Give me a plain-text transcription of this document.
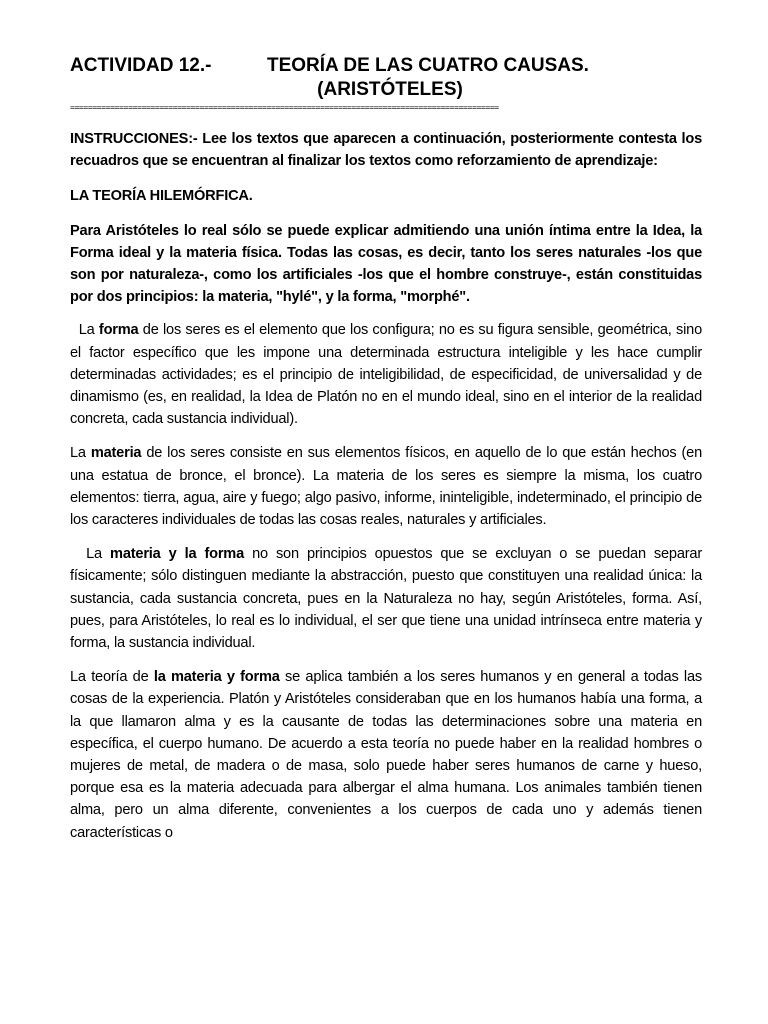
ACTIVIDAD 12.-	TEORÍA DE LAS CUATRO CAUSAS.
(ARISTÓTELES)
================================================================================================

INSTRUCCIONES:- Lee los textos que aparecen a continuación, posteriormente contesta los recuadros que se encuentran al finalizar los textos como reforzamiento de aprendizaje:

LA TEORÍA HILEMÓRFICA.

Para Aristóteles lo real sólo se puede explicar admitiendo una unión íntima entre la Idea, la Forma ideal y la materia física. Todas las cosas, es decir, tanto los seres naturales -los que son por naturaleza-, como los artificiales -los que el hombre construye-, están constituidas por dos principios: la materia, "hylé", y la forma, "morphé".

La forma de los seres es el elemento que los configura; no es su figura sensible, geométrica, sino el factor específico que les impone una determinada estructura inteligible y les hace cumplir determinadas actividades; es el principio de inteligibilidad, de especificidad, de universalidad y de dinamismo (es, en realidad, la Idea de Platón no en el mundo ideal, sino en el interior de la realidad concreta, cada sustancia individual).

La materia de los seres consiste en sus elementos físicos, en aquello de lo que están hechos (en una estatua de bronce, el bronce). La materia de los seres es siempre la misma, los cuatro elementos: tierra, agua, aire y fuego; algo pasivo, informe, ininteligible, indeterminado, el principio de los caracteres individuales de todas las cosas reales, naturales y artificiales.

La materia y la forma no son principios opuestos que se excluyan o se puedan separar físicamente; sólo distinguen mediante la abstracción, puesto que constituyen una realidad única: la sustancia, cada sustancia concreta, pues en la Naturaleza no hay, según Aristóteles, forma. Así, pues, para Aristóteles, lo real es lo individual, el ser que tiene una unidad intrínseca entre materia y forma, la sustancia individual.

La teoría de la materia y forma se aplica también a los seres humanos y en general a todas las cosas de la experiencia. Platón y Aristóteles consideraban que en los humanos había una forma, a la que llamaron alma y es la causante de todas las determinaciones sobre una materia en específica, el cuerpo humano. De acuerdo a esta teoría no puede haber en la realidad hombres o mujeres de metal, de madera o de masa, solo puede haber seres humanos de carne y hueso, porque esa es la materia adecuada para albergar el alma humana. Los animales también tienen alma, pero un alma diferente, convenientes a los cuerpos de cada uno y además tienen características o
